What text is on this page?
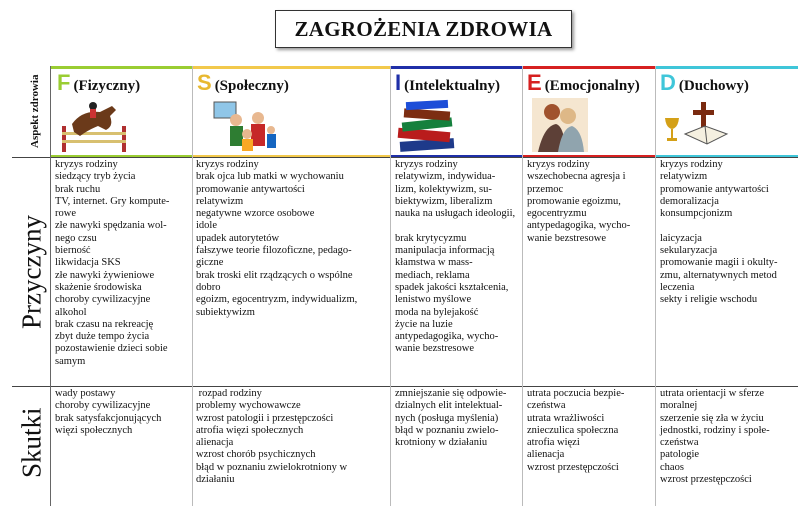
ZAGROŻENIA ZDROWIA
Aspekt zdrowia
Przyczyny
Skutki
F (Fizyczny)	S (Społeczny)	I (Intelektualny) E (Emocjonalny) D (Duchowy)
kryzys rodziny
siedzący tryb życia
brak ruchu
TV, internet. Gry kompute-
rowe
złe nawyki spędzania wol-
nego czsu
bierność
likwidacja SKS
złe nawyki żywieniowe
skażenie środowiska
choroby cywilizacyjne
alkohol
brak czasu na rekreację
zbyt duże tempo życia
pozostawienie dzieci sobie
samym
kryzys rodziny
brak ojca lub matki w wychowaniu
promowanie antywartości
relatywizm
negatywne wzorce osobowe
idole
upadek autorytetów
fałszywe teorie filozoficzne, pedago-
giczne
brak troski elit rządzących o wspólne
dobro
egoizm, egocentryzm, indywidualizm,
subiektywizm
kryzys rodziny
relatywizm, indywidua-
lizm, kolektywizm, su-
biektywizm, liberalizm
nauka na usługach ideologii,

brak krytycyzmu
manipulacja informacją
kłamstwa w mass-
mediach, reklama
spadek jakości kształcenia,
lenistwo myślowe
moda na bylejakość
życie na luzie
antypedagogika, wycho-
wanie bezstresowe
kryzys rodziny
wszechobecna agresja i
przemoc
promowanie egoizmu,
egocentryzmu
antypedagogika, wycho-
wanie bezstresowe
kryzys rodziny
relatywizm
promowanie antywartości
demoralizacja
konsumpcjonizm

laicyzacja
sekularyzacja
promowanie magii i okulty-
zmu, alternatywnych metod
leczenia
sekty i religie wschodu
wady postawy
choroby cywilizacyjne
brak satysfakcjonujących
więzi społecznych
rozpad rodziny
problemy wychowawcze
wzrost patologii i przestępczości
atrofia więzi społecznych
alienacja
wzrost chorób psychicznych
błąd w poznaniu zwielokrotniony w
działaniu
zmniejszanie się odpowie-
dzialnych elit intelektual-
nych (posługa myślenia)
błąd w poznaniu zwielo-
krotniony w działaniu
utrata poczucia bezpie-
czeństwa
utrata wrażliwości
znieczulica społeczna
atrofia więzi
alienacja
wzrost przestępczości
utrata orientacji w sferze
moralnej
szerzenie się zła w życiu
jednostki, rodziny i społe-
czeństwa
patologie
chaos
wzrost przestępczości
